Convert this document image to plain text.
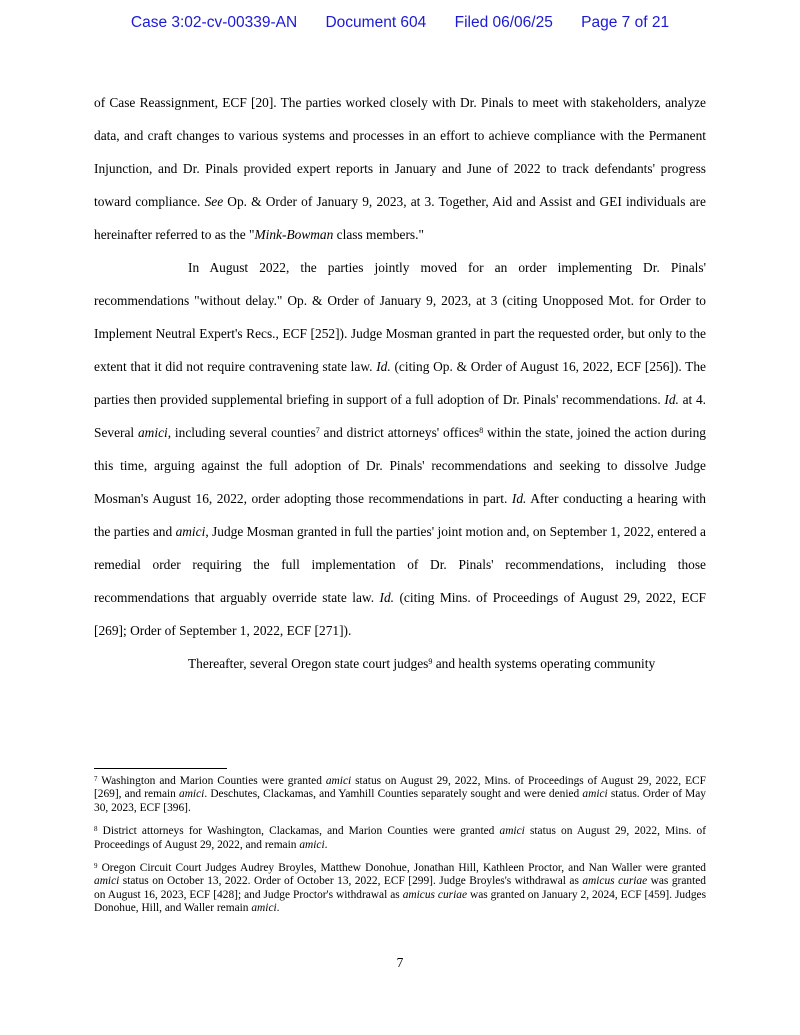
Case 3:02-cv-00339-AN Document 604 Filed 06/06/25 Page 7 of 21

of Case Reassignment, ECF [20]. The parties worked closely with Dr. Pinals to meet with stakeholders, analyze data, and craft changes to various systems and processes in an effort to achieve compliance with the Permanent Injunction, and Dr. Pinals provided expert reports in January and June of 2022 to track defendants' progress toward compliance. See Op. & Order of January 9, 2023, at 3. Together, Aid and Assist and GEI individuals are hereinafter referred to as the "Mink-Bowman class members."

In August 2022, the parties jointly moved for an order implementing Dr. Pinals' recommendations "without delay." Op. & Order of January 9, 2023, at 3 (citing Unopposed Mot. for Order to Implement Neutral Expert's Recs., ECF [252]). Judge Mosman granted in part the requested order, but only to the extent that it did not require contravening state law. Id. (citing Op. & Order of August 16, 2022, ECF [256]). The parties then provided supplemental briefing in support of a full adoption of Dr. Pinals' recommendations. Id. at 4. Several amici, including several counties$^7$ and district attorneys' offices$^8$ within the state, joined the action during this time, arguing against the full adoption of Dr. Pinals' recommendations and seeking to dissolve Judge Mosman's August 16, 2022, order adopting those recommendations in part. Id. After conducting a hearing with the parties and amici, Judge Mosman granted in full the parties' joint motion and, on September 1, 2022, entered a remedial order requiring the full implementation of Dr. Pinals' recommendations, including those recommendations that arguably override state law. Id. (citing Mins. of Proceedings of August 29, 2022, ECF [269]; Order of September 1, 2022, ECF [271]).

Thereafter, several Oregon state court judges$^9$ and health systems operating community

$^7$ Washington and Marion Counties were granted amici status on August 29, 2022, Mins. of Proceedings of August 29, 2022, ECF [269], and remain amici. Deschutes, Clackamas, and Yamhill Counties separately sought and were denied amici status. Order of May 30, 2023, ECF [396].

$^8$ District attorneys for Washington, Clackamas, and Marion Counties were granted amici status on August 29, 2022, Mins. of Proceedings of August 29, 2022, and remain amici.

$^9$ Oregon Circuit Court Judges Audrey Broyles, Matthew Donohue, Jonathan Hill, Kathleen Proctor, and Nan Waller were granted amici status on October 13, 2022. Order of October 13, 2022, ECF [299]. Judge Broyles's withdrawal as amicus curiae was granted on August 16, 2023, ECF [428]; and Judge Proctor's withdrawal as amicus curiae was granted on January 2, 2024, ECF [459]. Judges Donohue, Hill, and Waller remain amici.

7
